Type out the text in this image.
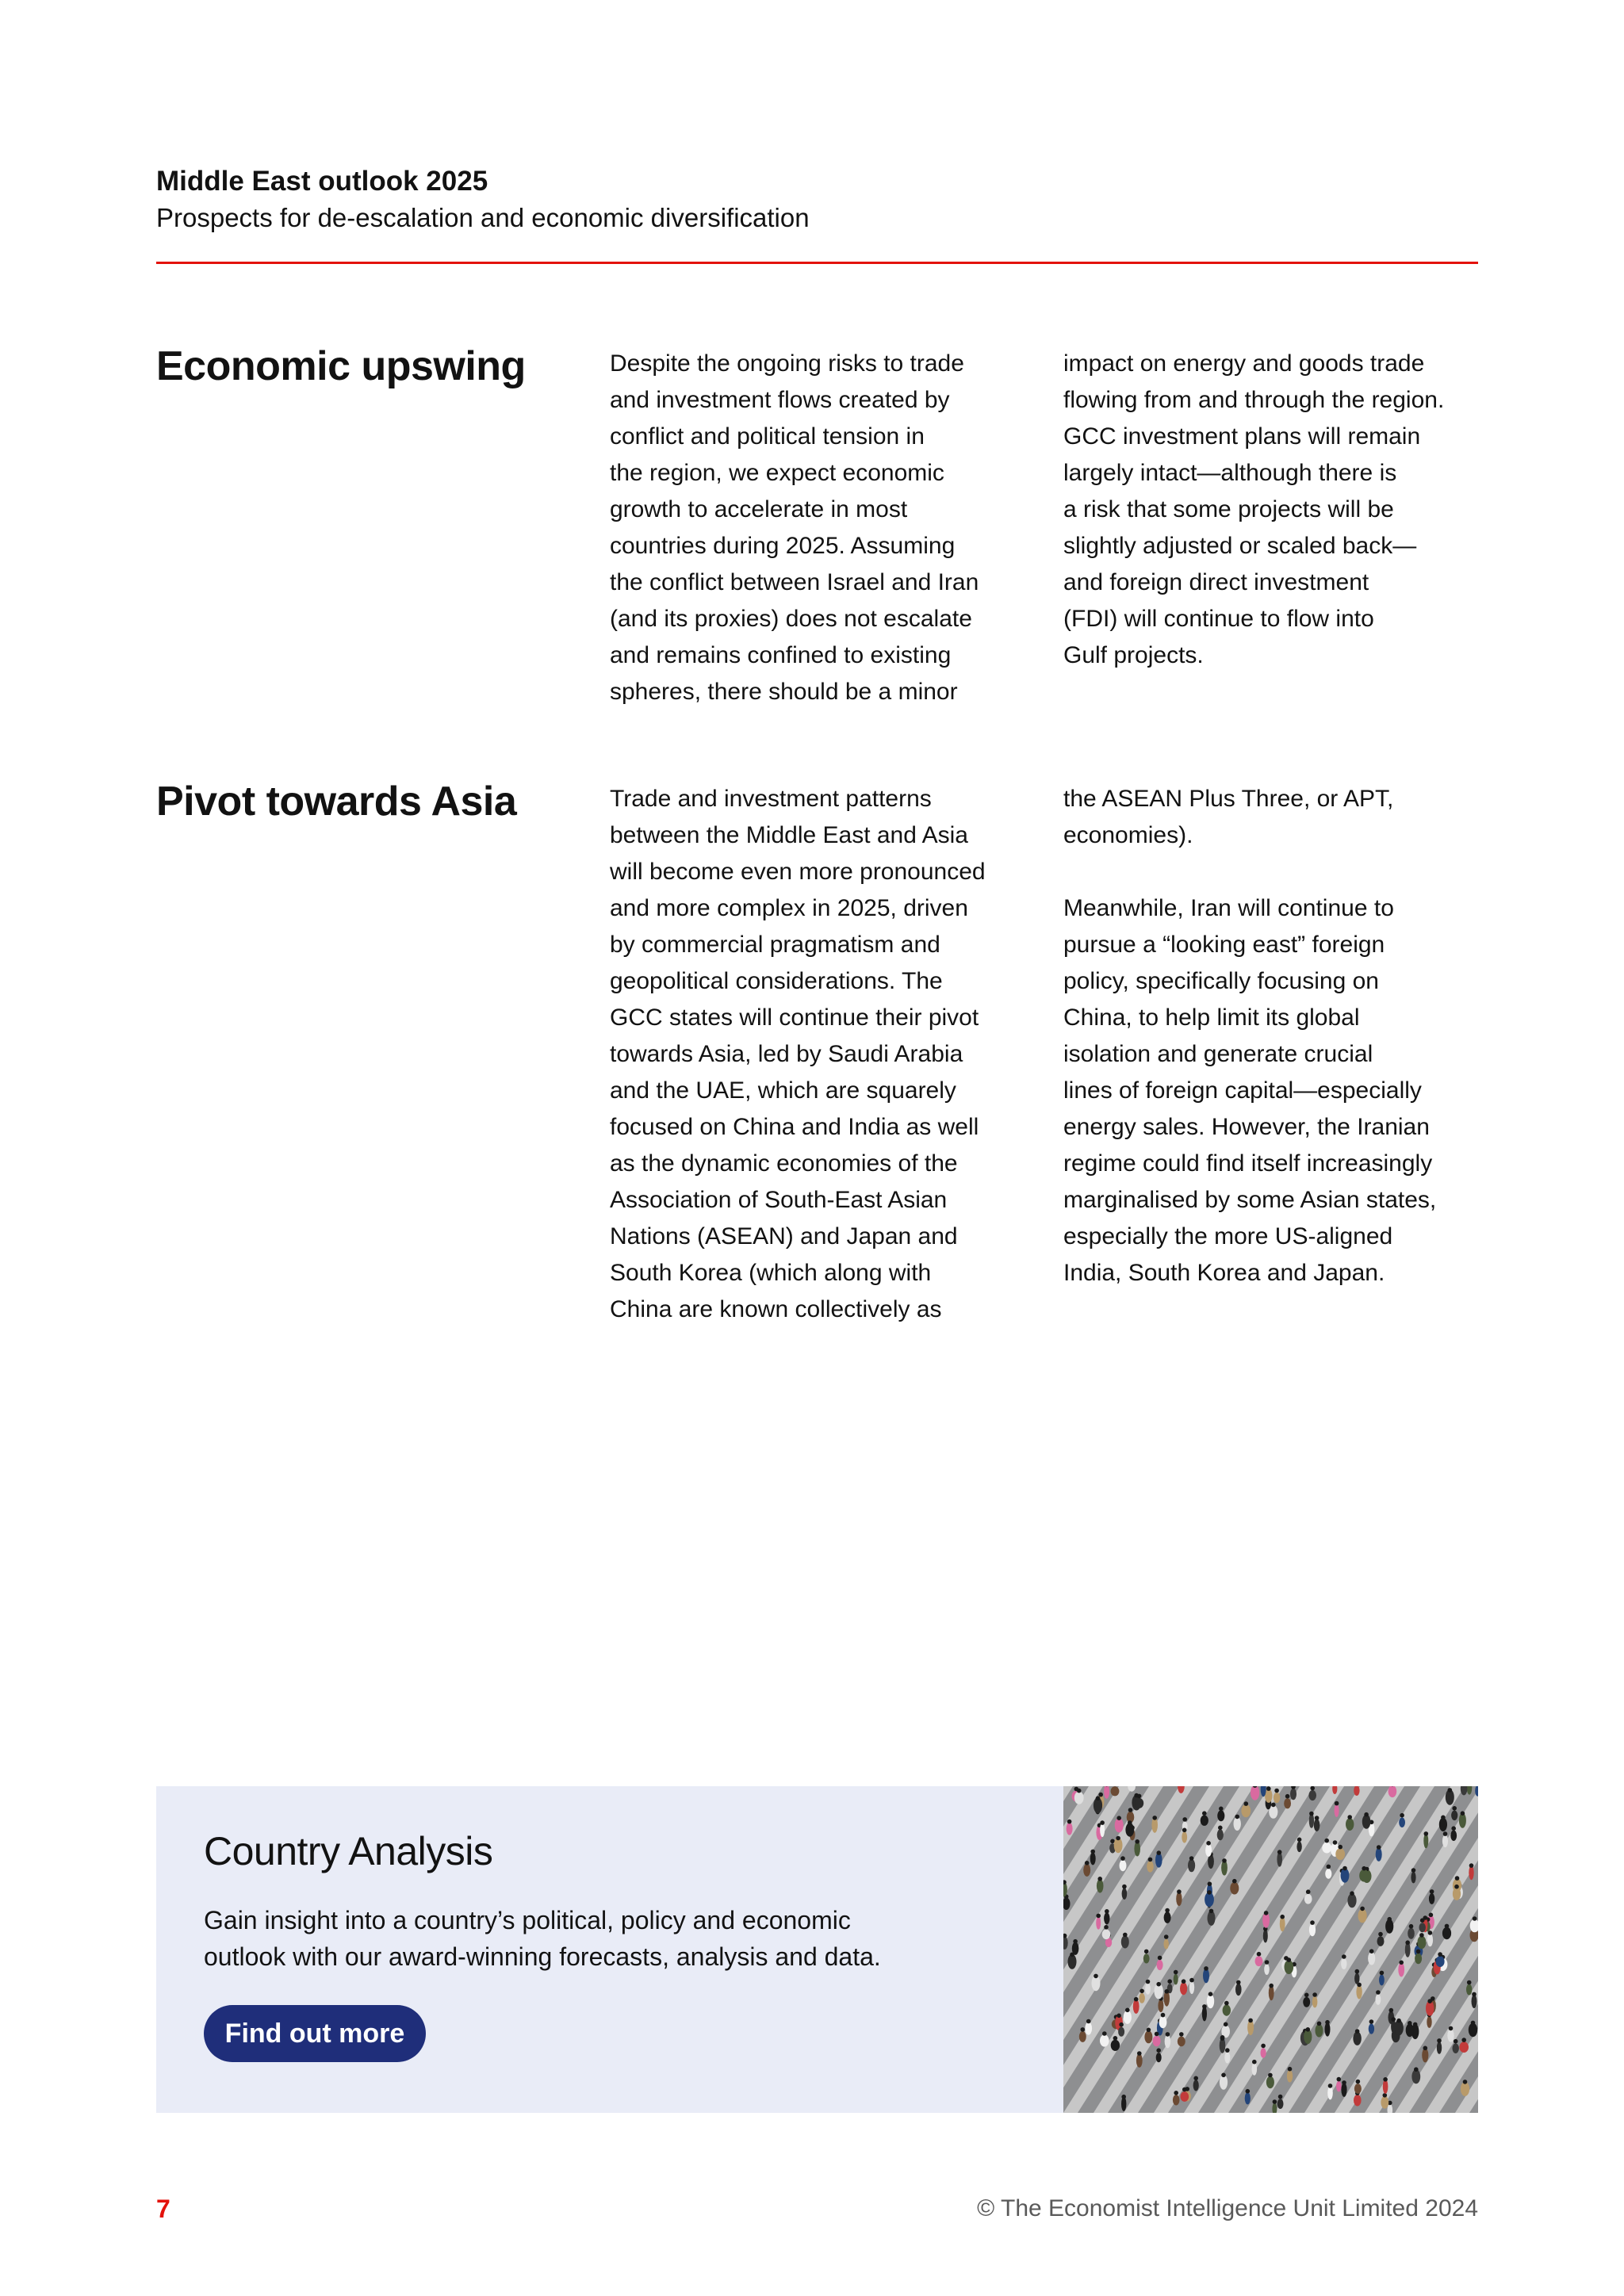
Middle East outlook 2025
Prospects for de-escalation and economic diversification
Economic upswing	Despite the ongoing risks to trade
and investment flows created by
conflict and political tension in
the region, we expect economic
growth to accelerate in most
countries during 2025. Assuming
the conflict between Israel and Iran
(and its proxies) does not escalate
and remains confined to existing
spheres, there should be a minor
impact on energy and goods trade
flowing from and through the region.
GCC investment plans will remain
largely intact—although there is
a risk that some projects will be
slightly adjusted or scaled back—
and foreign direct investment
(FDI) will continue to flow into
Gulf projects.
Pivot towards Asia	Trade and investment patterns
between the Middle East and Asia
will become even more pronounced
and more complex in 2025, driven
by commercial pragmatism and
geopolitical considerations. The
GCC states will continue their pivot
towards Asia, led by Saudi Arabia
and the UAE, which are squarely
focused on China and India as well
as the dynamic economies of the
Association of South-East Asian
Nations (ASEAN) and Japan and
South Korea (which along with
China are known collectively as
the ASEAN Plus Three, or APT,
economies).

Meanwhile, Iran will continue to
pursue a “looking east” foreign
policy, specifically focusing on
China, to help limit its global
isolation and generate crucial
lines of foreign capital—especially
energy sales. However, the Iranian
regime could find itself increasingly
marginalised by some Asian states,
especially the more US-aligned
India, South Korea and Japan.
Country Analysis
Gain insight into a country’s political, policy and economic
outlook with our award-winning forecasts, analysis and data.
Find out more
7	© The Economist Intelligence Unit Limited 2024
